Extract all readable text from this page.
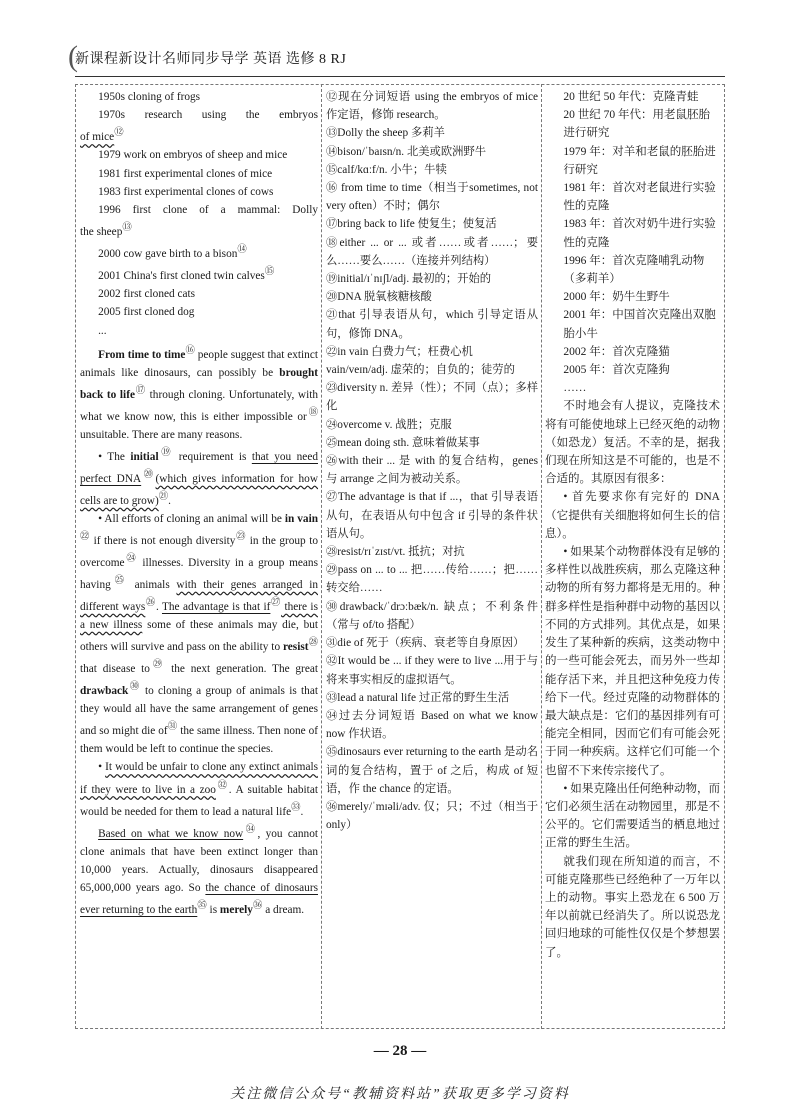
(
新课程新设计名师同步导学 英语 选修 8 RJ

1950s cloning of frogs

1970s research using the embryos

of mice⑫

1979 work on embryos of sheep and mice

1981 first experimental clones of mice

1983 first experimental clones of cows

1996 first clone of a mammal: Dolly

the sheep⑬

2000 cow gave birth to a bison⑭

2001 China's first cloned twin calves⑮

2002 first cloned cats

2005 first cloned dog

...

From time to time⑯ people suggest that extinct animals like dinosaurs, can possibly be brought back to life⑰ through cloning. Unfortunately, with what we know now, this is either impossible or⑱ unsuitable. There are many reasons.

• The initial⑲ requirement is that you need perfect DNA⑳(which gives information for how cells are to grow)$^㉑$.

• All efforts of cloning an animal will be in vain$^㉒$ if there is not enough diversity$^㉓$ in the group to overcome$^㉔$ illnesses. Diversity in a group means having$^㉕$ animals with their genes arranged in different ways$^㉖$. The advantage is that $if^㉗$ there is a new illness some of these animals may die, but others will survive and pass on the ability to resist$^㉘$ that disease $to^㉙$ the next generation. The great drawback$^㉚$ to cloning a group of animals is that they would all have the same arrangement of genes and so might die $of^㉛$ the same illness. Then none of them would be left to continue the species.

• It would be unfair to clone any extinct animals if they were to live in a zoo$^㉜$. A suitable habitat would be needed for them to lead a natural life$^㉝$.

Based on what we know now$^㉞$, you cannot clone animals that have been extinct longer than 10,000 years. Actually, dinosaurs disappeared 65,000,000 years ago. So the chance of dinosaurs ever returning to the earth$^㉟$ is merely$^㊱$ a dream.

⑫现在分词短语 using the embryos of mice 作定语，修饰 research。

⑬Dolly the sheep 多莉羊

⑭bison/ˈbaɪsn/n. 北美或欧洲野牛

⑮calf/kɑːf/n. 小牛；牛犊

⑯ from time to time（相当于sometimes, not very often）不时；偶尔

⑰bring back to life 使复生；使复活

⑱either ... or ... 或者……或者……；要么……要么……（连接并列结构）

⑲initial/ɪˈnɪʃl/adj. 最初的；开始的

⑳DNA 脱氧核糖核酸

㉑that 引导表语从句，which 引导定语从句，修饰 DNA。

㉒in vain 白费力气；枉费心机

vain/veɪn/adj. 虚荣的；自负的；徒劳的

㉓diversity n. 差异（性）；不同（点）；多样化

㉔overcome v. 战胜；克服

㉕mean doing sth. 意味着做某事

㉖with their ... 是 with 的复合结构，genes 与 arrange 之间为被动关系。

㉗The advantage is that if ...，that 引导表语从句，在表语从句中包含 if 引导的条件状语从句。

㉘resist/rɪˈzɪst/vt. 抵抗；对抗

㉙pass on ... to ... 把……传给……；把……转交给……

㉚drawback/ˈdrɔːbæk/n. 缺点；不利条件（常与 of/to 搭配）

㉛die of 死于（疾病、衰老等自身原因）

㉜It would be ... if they were to live ...用于与将来事实相反的虚拟语气。

㉝lead a natural life 过正常的野生生活

㉞过去分词短语 Based on what we know now 作状语。

㉟dinosaurs ever returning to the earth 是动名词的复合结构，置于 of 之后，构成 of 短语，作 the chance 的定语。

㊱merely/ˈmɪəli/adv. 仅；只；不过（相当于 only）

20 世纪 50 年代：克隆青蛙

20 世纪 70 年代：用老鼠胚胎进行研究

1979 年：对羊和老鼠的胚胎进行研究

1981 年：首次对老鼠进行实验性的克隆

1983 年：首次对奶牛进行实验性的克隆

1996 年：首次克隆哺乳动物（多莉羊）

2000 年：奶牛生野牛

2001 年：中国首次克隆出双胞胎小牛

2002 年：首次克隆猫

2005 年：首次克隆狗

……

不时地会有人提议，克隆技术将有可能使地球上已经灭绝的动物（如恐龙）复活。不幸的是，据我们现在所知这是不可能的，也是不合适的。其原因有很多：

• 首先要求你有完好的 DNA（它提供有关细胞将如何生长的信息）。

• 如果某个动物群体没有足够的多样性以战胜疾病，那么克隆这种动物的所有努力都将是无用的。种群多样性是指种群中动物的基因以不同的方式排列。其优点是，如果发生了某种新的疾病，这类动物中的一些可能会死去，而另外一些却能存活下来，并且把这种免疫力传给下一代。经过克隆的动物群体的最大缺点是：它们的基因排列有可能完全相同，因而它们有可能会死于同一种疾病。这样它们可能一个也留不下来传宗接代了。

• 如果克隆出任何绝种动物，而它们必须生活在动物园里，那是不公平的。它们需要适当的栖息地过正常的野生生活。

就我们现在所知道的而言，不可能克隆那些已经绝种了一万年以上的动物。事实上恐龙在 6 500 万年以前就已经消失了。所以说恐龙回归地球的可能性仅仅是个梦想罢了。

— 28 —
关注微信公众号“教辅资料站”获取更多学习资料
